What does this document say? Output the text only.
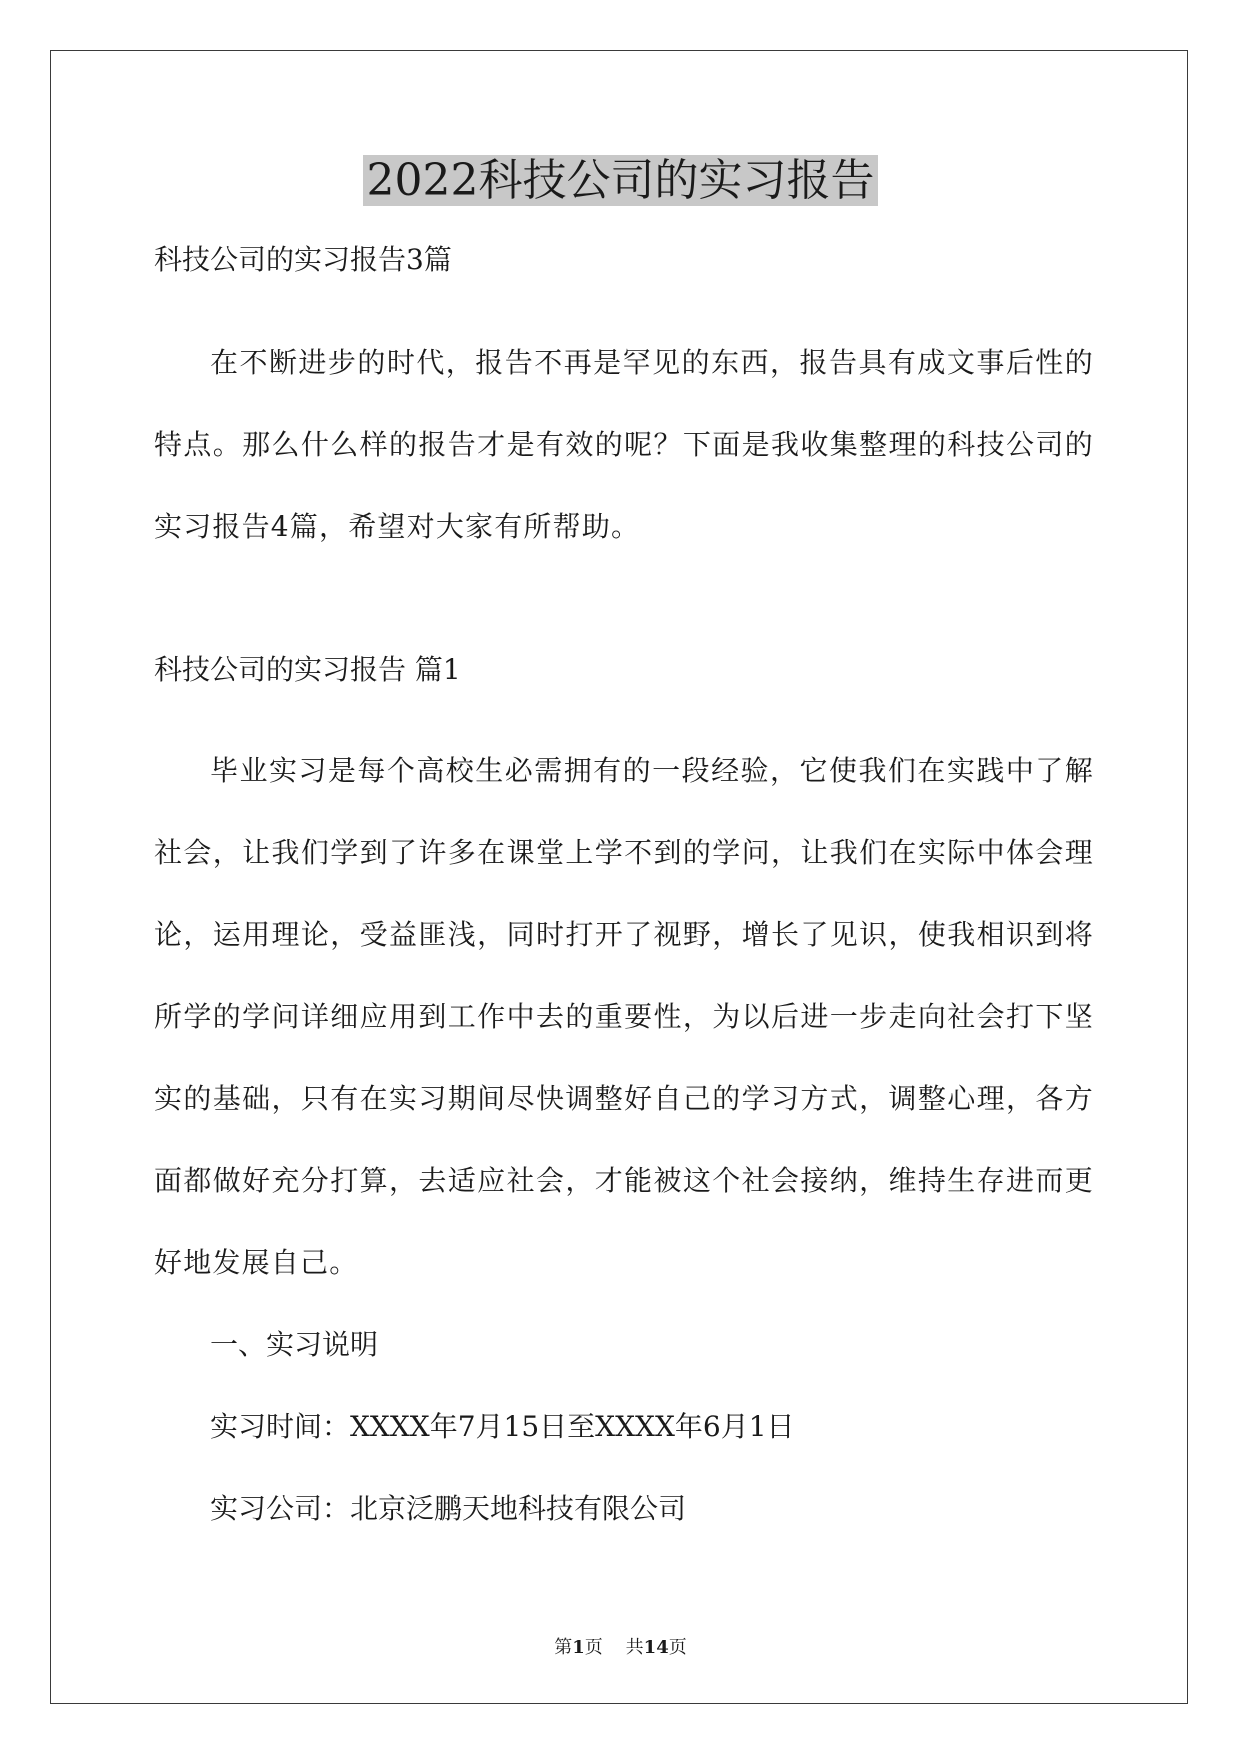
2022科技公司的实习报告

科技公司的实习报告3篇

在不断进步的时代，报告不再是罕见的东西，报告具有成文事后性的特点。那么什么样的报告才是有效的呢？下面是我收集整理的科技公司的实习报告4篇，希望对大家有所帮助。

科技公司的实习报告 篇1

毕业实习是每个高校生必需拥有的一段经验，它使我们在实践中了解社会，让我们学到了许多在课堂上学不到的学问，让我们在实际中体会理论，运用理论，受益匪浅，同时打开了视野，增长了见识，使我相识到将所学的学问详细应用到工作中去的重要性，为以后进一步走向社会打下坚实的基础，只有在实习期间尽快调整好自己的学习方式，调整心理，各方面都做好充分打算，去适应社会，才能被这个社会接纳，维持生存进而更好地发展自己。

一、实习说明

实习时间：XXXX年7月15日至XXXX年6月1日

实习公司：北京泛鹏天地科技有限公司

第1页 共14页
